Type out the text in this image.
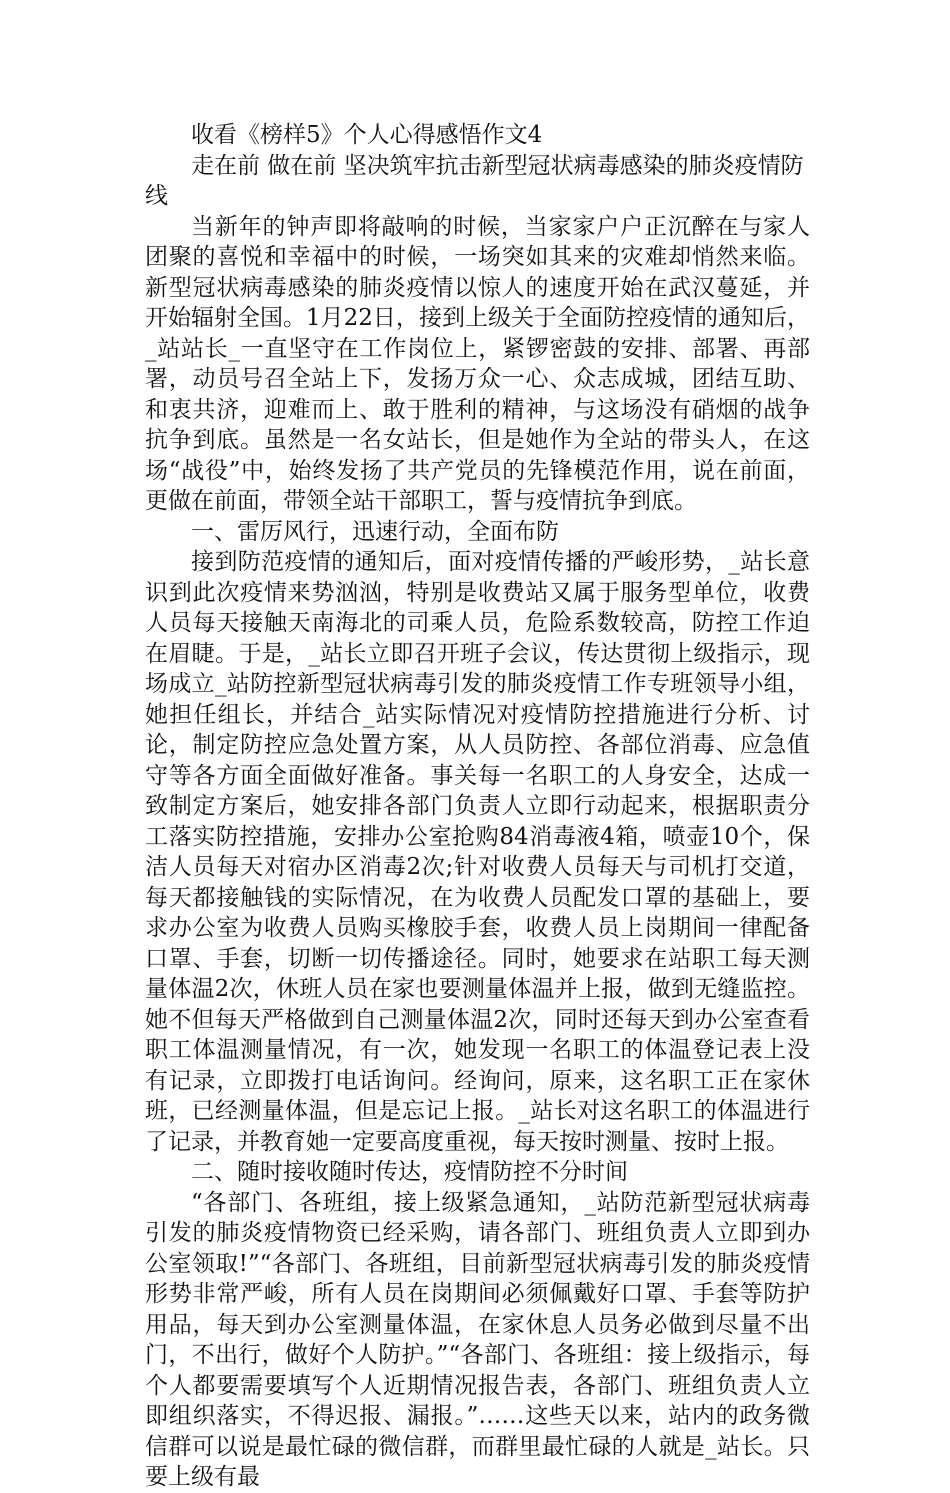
收看《榜样5》个人心得感悟作文4

走在前 做在前 坚决筑牢抗击新型冠状病毒感染的肺炎疫情防线

当新年的钟声即将敲响的时候，当家家户户正沉醉在与家人团聚的喜悦和幸福中的时候，一场突如其来的灾难却悄然来临。新型冠状病毒感染的肺炎疫情以惊人的速度开始在武汉蔓延，并开始辐射全国。1月22日，接到上级关于全面防控疫情的通知后，_站站长_一直坚守在工作岗位上，紧锣密鼓的安排、部署、再部署，动员号召全站上下，发扬万众一心、众志成城，团结互助、和衷共济，迎难而上、敢于胜利的精神，与这场没有硝烟的战争抗争到底。虽然是一名女站长，但是她作为全站的带头人，在这场“战役”中，始终发扬了共产党员的先锋模范作用，说在前面，更做在前面，带领全站干部职工，誓与疫情抗争到底。

一、雷厉风行，迅速行动，全面布防

接到防范疫情的通知后，面对疫情传播的严峻形势，_站长意识到此次疫情来势汹汹，特别是收费站又属于服务型单位，收费人员每天接触天南海北的司乘人员，危险系数较高，防控工作迫在眉睫。于是，_站长立即召开班子会议，传达贯彻上级指示，现场成立_站防控新型冠状病毒引发的肺炎疫情工作专班领导小组，她担任组长，并结合_站实际情况对疫情防控措施进行分析、讨论，制定防控应急处置方案，从人员防控、各部位消毒、应急值守等各方面全面做好准备。事关每一名职工的人身安全，达成一致制定方案后，她安排各部门负责人立即行动起来，根据职责分工落实防控措施，安排办公室抢购84消毒液4箱，喷壶10个，保洁人员每天对宿办区消毒2次;针对收费人员每天与司机打交道，每天都接触钱的实际情况，在为收费人员配发口罩的基础上，要求办公室为收费人员购买橡胶手套，收费人员上岗期间一律配备口罩、手套，切断一切传播途径。同时，她要求在站职工每天测量体温2次，休班人员在家也要测量体温并上报，做到无缝监控。她不但每天严格做到自己测量体温2次，同时还每天到办公室查看职工体温测量情况，有一次，她发现一名职工的体温登记表上没有记录，立即拨打电话询问。经询问，原来，这名职工正在家休班，已经测量体温，但是忘记上报。_站长对这名职工的体温进行了记录，并教育她一定要高度重视，每天按时测量、按时上报。

二、随时接收随时传达，疫情防控不分时间

“各部门、各班组，接上级紧急通知，_站防范新型冠状病毒引发的肺炎疫情物资已经采购，请各部门、班组负责人立即到办公室领取!”“各部门、各班组，目前新型冠状病毒引发的肺炎疫情形势非常严峻，所有人员在岗期间必须佩戴好口罩、手套等防护用品，每天到办公室测量体温，在家休息人员务必做到尽量不出门，不出行，做好个人防护。”“各部门、各班组：接上级指示，每个人都要需要填写个人近期情况报告表，各部门、班组负责人立即组织落实，不得迟报、漏报。”……这些天以来，站内的政务微信群可以说是最忙碌的微信群，而群里最忙碌的人就是_站长。只要上级有最
